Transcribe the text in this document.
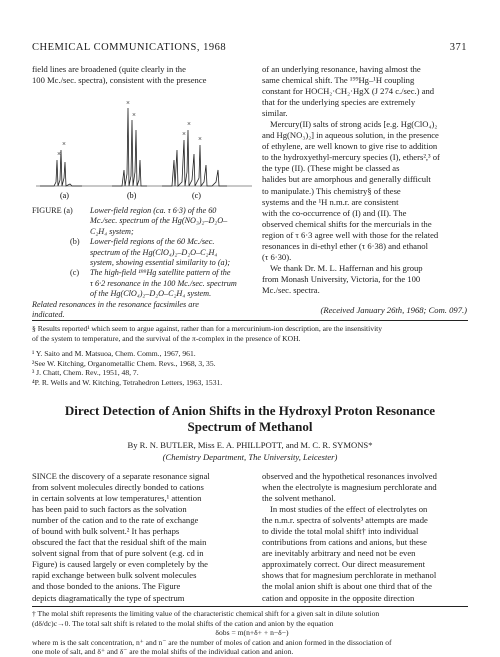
CHEMICAL COMMUNICATIONS, 1968	371
field lines are broadened (quite clearly in the
100 Mc./sec. spectra), consistent with the presence
×
×
×
×
×
×
×
(a)	(b)	(c)
FIGURE (a)	Lower-field region (ca. τ 6·3) of the 60
Mc./sec. spectrum of the Hg(NO₃)₂–D₂O–
C₂H₄ system;
(b)	Lower-field regions of the 60 Mc./sec.
spectrum of the Hg(ClO₄)₂–D₂O–C₂H₄
system, showing essential similarity to (a);
(c)	The high-field ¹⁹⁹Hg satellite pattern of the
τ 6·2 resonance in the 100 Mc./sec. spectrum
of the Hg(ClO₄)₂–D₂O–C₂H₄ system.
Related resonances in the resonance facsimiles are
indicated.
of an underlying resonance, having almost the
same chemical shift. The ¹⁹⁹Hg–¹H coupling
constant for HOCH₂·CH₂·HgX (J 274 c./sec.) and
that for the underlying species are extremely
similar.
Mercury(II) salts of strong acids [e.g. Hg(ClO₄)₂
and Hg(NO₃)₂] in aqueous solution, in the presence
of ethylene, are well known to give rise to addition
to the hydroxyethyl-mercury species (I), ethers²,³ of
the type (II). (These might be classed as
halides but are amorphous and generally difficult
to manipulate.) This chemistry§ of these
systems and the ¹H n.m.r. are consistent
with the co-occurrence of (I) and (II). The
observed chemical shifts for the mercurials in the
region of τ 6·3 agree well with those for the related
resonances in di-ethyl ether (τ 6·38) and ethanol
(τ 6·30).
We thank Dr. M. L. Haffernan and his group
from Monash University, Victoria, for the 100
Mc./sec. spectra.
(Received January 26th, 1968; Com. 097.)
§ Results reported¹ which seem to argue against, rather than for a mercurinium-ion description, are the insensitivity
of the system to temperature, and the survival of the π-complex in the presence of KOH.
¹ Y. Saito and M. Matsuoa, Chem. Comm., 1967, 961.
²See W. Kitching, Organometallic Chem. Revs., 1968, 3, 35.
³ J. Chatt, Chem. Rev., 1951, 48, 7.
⁴P. R. Wells and W. Kitching, Tetrahedron Letters, 1963, 1531.
Direct Detection of Anion Shifts in the Hydroxyl Proton Resonance
Spectrum of Methanol
By R. N. BUTLER, Miss E. A. PHILLPOTT, and M. C. R. SYMONS*
(Chemistry Department, The University, Leicester)
SINCE the discovery of a separate resonance signal
from solvent molecules directly bonded to cations
in certain solvents at low temperatures,¹ attention
has been paid to such factors as the solvation
number of the cation and to the rate of exchange
of bound with bulk solvent.² It has perhaps
obscured the fact that the residual shift of the main
solvent signal from that of pure solvent (e.g. cd in
Figure) is caused largely or even completely by the
rapid exchange between bulk solvent molecules
and those bonded to the anions. The Figure
depicts diagramatically the type of spectrum
observed and the hypothetical resonances involved
when the electrolyte is magnesium perchlorate and
the solvent methanol.
In most studies of the effect of electrolytes on
the n.m.r. spectra of solvents³ attempts are made
to divide the total molal shift† into individual
contributions from cations and anions, but these
are inevitably arbitrary and need not be even
approximately correct. Our direct measurement
shows that for magnesium perchlorate in methanol
the molal anion shift is about one third that of the
cation and opposite in the opposite direction
† The molal shift represents the limiting value of the characteristic chemical shift for a given salt in dilute solution
(dδ/dc)c→0. The total salt shift is related to the molal shifts of the cation and anion by the equation
δobs = m(n+δ+ + n−δ−)
where m is the salt concentration, n⁺ and n⁻ are the number of moles of cation and anion formed in the dissociation of
one mole of salt, and δ⁺ and δ⁻ are the molal shifts of the individual cation and anion.
